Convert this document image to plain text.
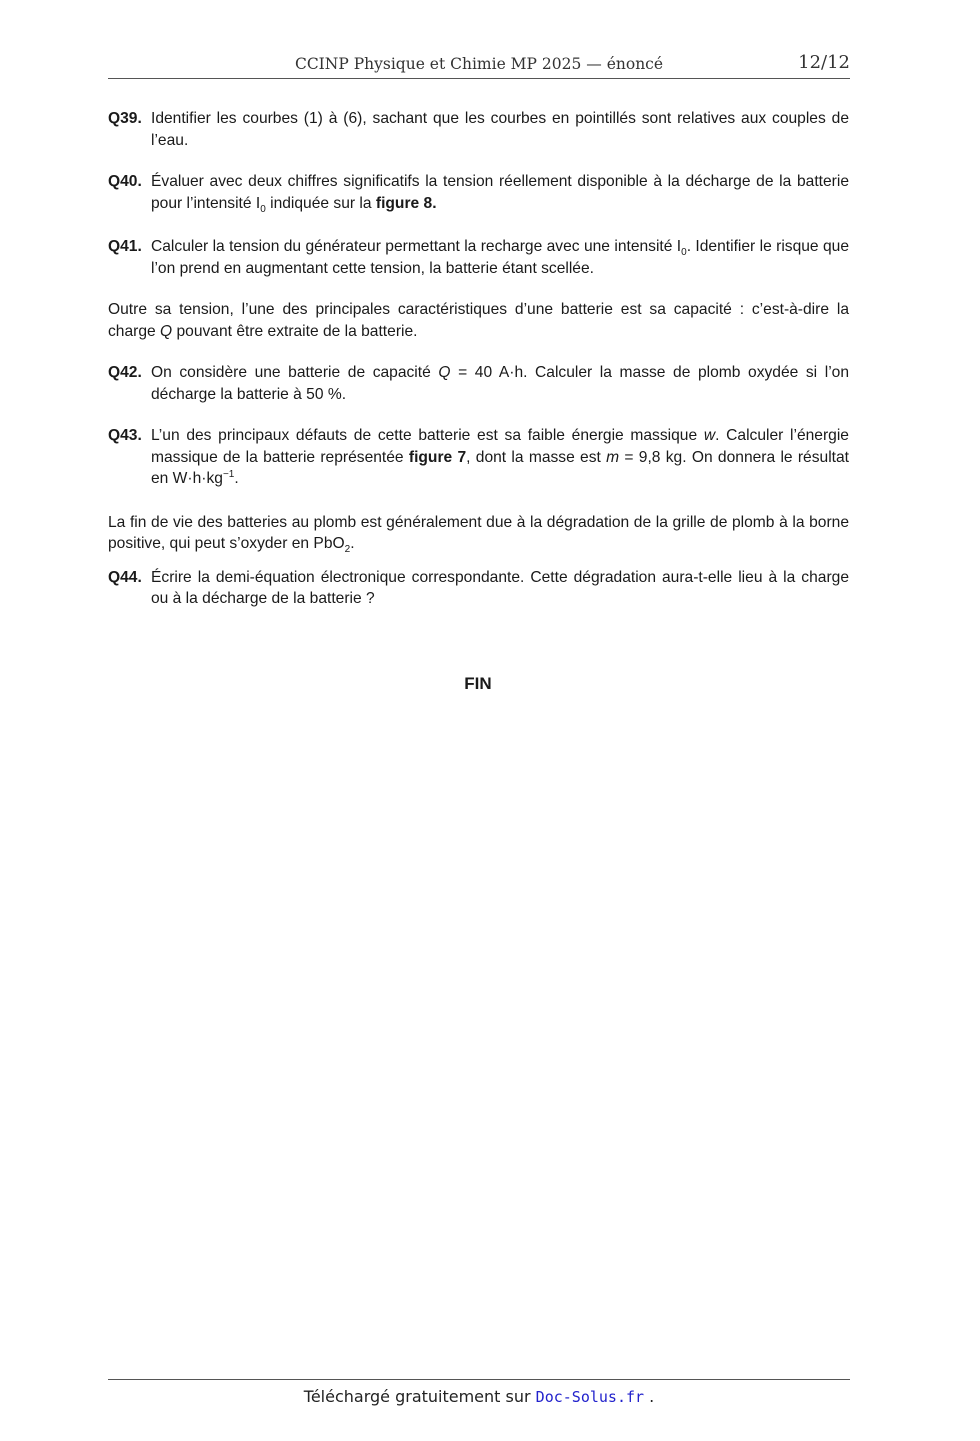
CCINP Physique et Chimie MP 2025 — énoncé	12/12

Q39. Identifier les courbes (1) à (6), sachant que les courbes en pointillés sont relatives aux couples de l’eau.

Q40. Évaluer avec deux chiffres significatifs la tension réellement disponible à la décharge de la batterie pour l’intensité $I_0$ indiquée sur la figure 8.

Q41. Calculer la tension du générateur permettant la recharge avec une intensité $I_0$. Identifier le risque que l’on prend en augmentant cette tension, la batterie étant scellée.

Outre sa tension, l’une des principales caractéristiques d’une batterie est sa capacité : c’est-à-dire la charge Q pouvant être extraite de la batterie.

Q42. On considère une batterie de capacité Q = 40 A·h. Calculer la masse de plomb oxydée si l’on décharge la batterie à 50 %.

Q43. L’un des principaux défauts de cette batterie est sa faible énergie massique w. Calculer l’énergie massique de la batterie représentée figure 7, dont la masse est m = 9,8 kg. On donnera le résultat en $W\cdot h\cdot kg^{-1}$.

La fin de vie des batteries au plomb est généralement due à la dégradation de la grille de plomb à la borne positive, qui peut s’oxyder en PbO$_2$.

Q44. Écrire la demi-équation électronique correspondante. Cette dégradation aura-t-elle lieu à la charge ou à la décharge de la batterie ?

FIN
Téléchargé gratuitement sur Doc-Solus.fr .
